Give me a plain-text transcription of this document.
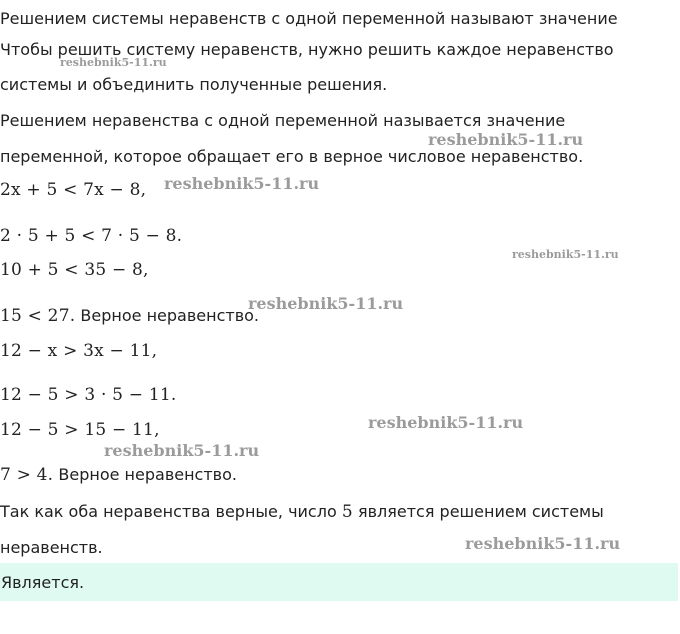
Решением системы неравенств с одной переменной называют значение
Чтобы решить систему неравенств, нужно решить каждое неравенство
системы и объединить полученные решения.
Решением неравенства с одной переменной называется значение
переменной, которое обращает его в верное числовое неравенство.
2x + 5 < 7x − 8,
2 · 5 + 5 < 7 · 5 − 8.
10 + 5 < 35 − 8,
15 < 27. Верное неравенство.
12 − x > 3x − 11,
12 − 5 > 3 · 5 − 11.
12 − 5 > 15 − 11,
7 > 4. Верное неравенство.
Так как оба неравенства верные, число 5 является решением системы
неравенств.
Является.
reshebnik5-11.ru
reshebnik5-11.ru
reshebnik5-11.ru
reshebnik5-11.ru
reshebnik5-11.ru
reshebnik5-11.ru
reshebnik5-11.ru
reshebnik5-11.ru
